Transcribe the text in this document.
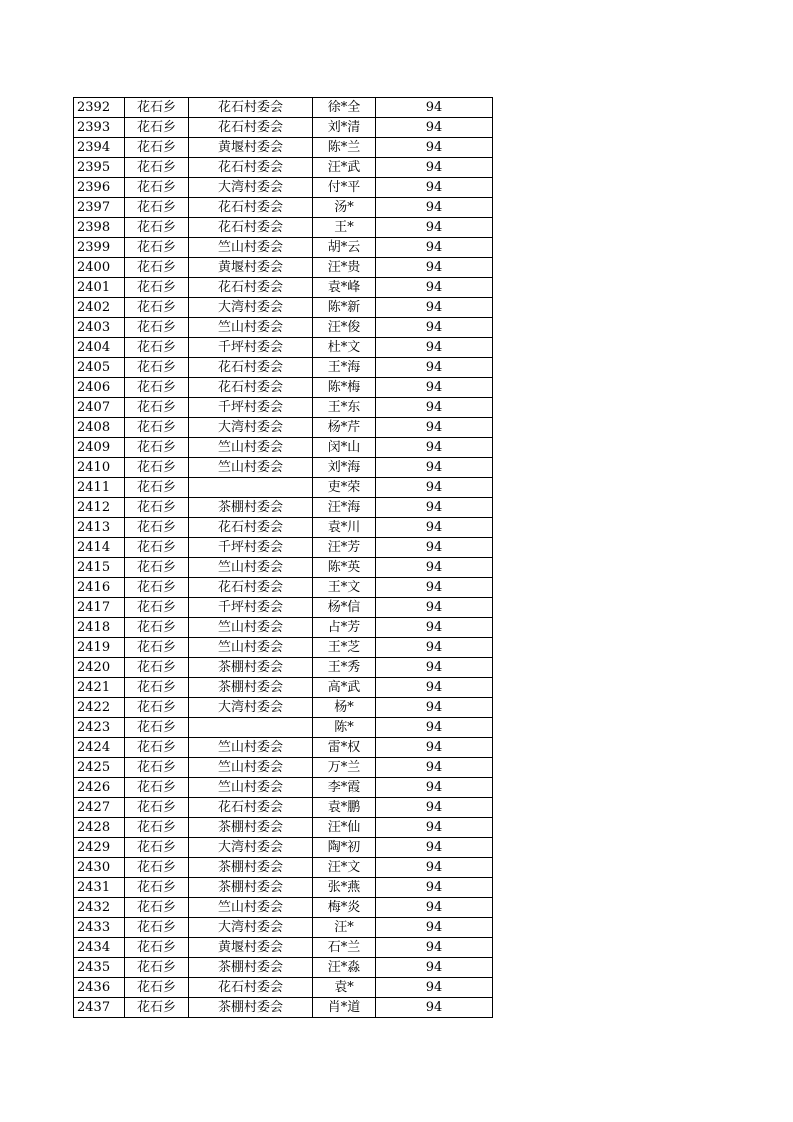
2392	花石乡	花石村委会	徐*全	94
2393	花石乡	花石村委会	刘*清	94
2394	花石乡	黄堰村委会	陈*兰	94
2395	花石乡	花石村委会	汪*武	94
2396	花石乡	大湾村委会	付*平	94
2397	花石乡	花石村委会	汤*	94
2398	花石乡	花石村委会	王*	94
2399	花石乡	竺山村委会	胡*云	94
2400	花石乡	黄堰村委会	汪*贵	94
2401	花石乡	花石村委会	袁*峰	94
2402	花石乡	大湾村委会	陈*新	94
2403	花石乡	竺山村委会	汪*俊	94
2404	花石乡	千坪村委会	杜*文	94
2405	花石乡	花石村委会	王*海	94
2406	花石乡	花石村委会	陈*梅	94
2407	花石乡	千坪村委会	王*东	94
2408	花石乡	大湾村委会	杨*芹	94
2409	花石乡	竺山村委会	闵*山	94
2410	花石乡	竺山村委会	刘*海	94
2411	花石乡		吏*荣	94
2412	花石乡	茶棚村委会	汪*海	94
2413	花石乡	花石村委会	袁*川	94
2414	花石乡	千坪村委会	汪*芳	94
2415	花石乡	竺山村委会	陈*英	94
2416	花石乡	花石村委会	王*文	94
2417	花石乡	千坪村委会	杨*信	94
2418	花石乡	竺山村委会	占*芳	94
2419	花石乡	竺山村委会	王*芝	94
2420	花石乡	茶棚村委会	王*秀	94
2421	花石乡	茶棚村委会	高*武	94
2422	花石乡	大湾村委会	杨*	94
2423	花石乡		陈*	94
2424	花石乡	竺山村委会	雷*权	94
2425	花石乡	竺山村委会	万*兰	94
2426	花石乡	竺山村委会	李*霞	94
2427	花石乡	花石村委会	袁*鹏	94
2428	花石乡	茶棚村委会	汪*仙	94
2429	花石乡	大湾村委会	陶*初	94
2430	花石乡	茶棚村委会	汪*文	94
2431	花石乡	茶棚村委会	张*燕	94
2432	花石乡	竺山村委会	梅*炎	94
2433	花石乡	大湾村委会	汪*	94
2434	花石乡	黄堰村委会	石*兰	94
2435	花石乡	茶棚村委会	汪*淼	94
2436	花石乡	花石村委会	袁*	94
2437	花石乡	茶棚村委会	肖*道	94
